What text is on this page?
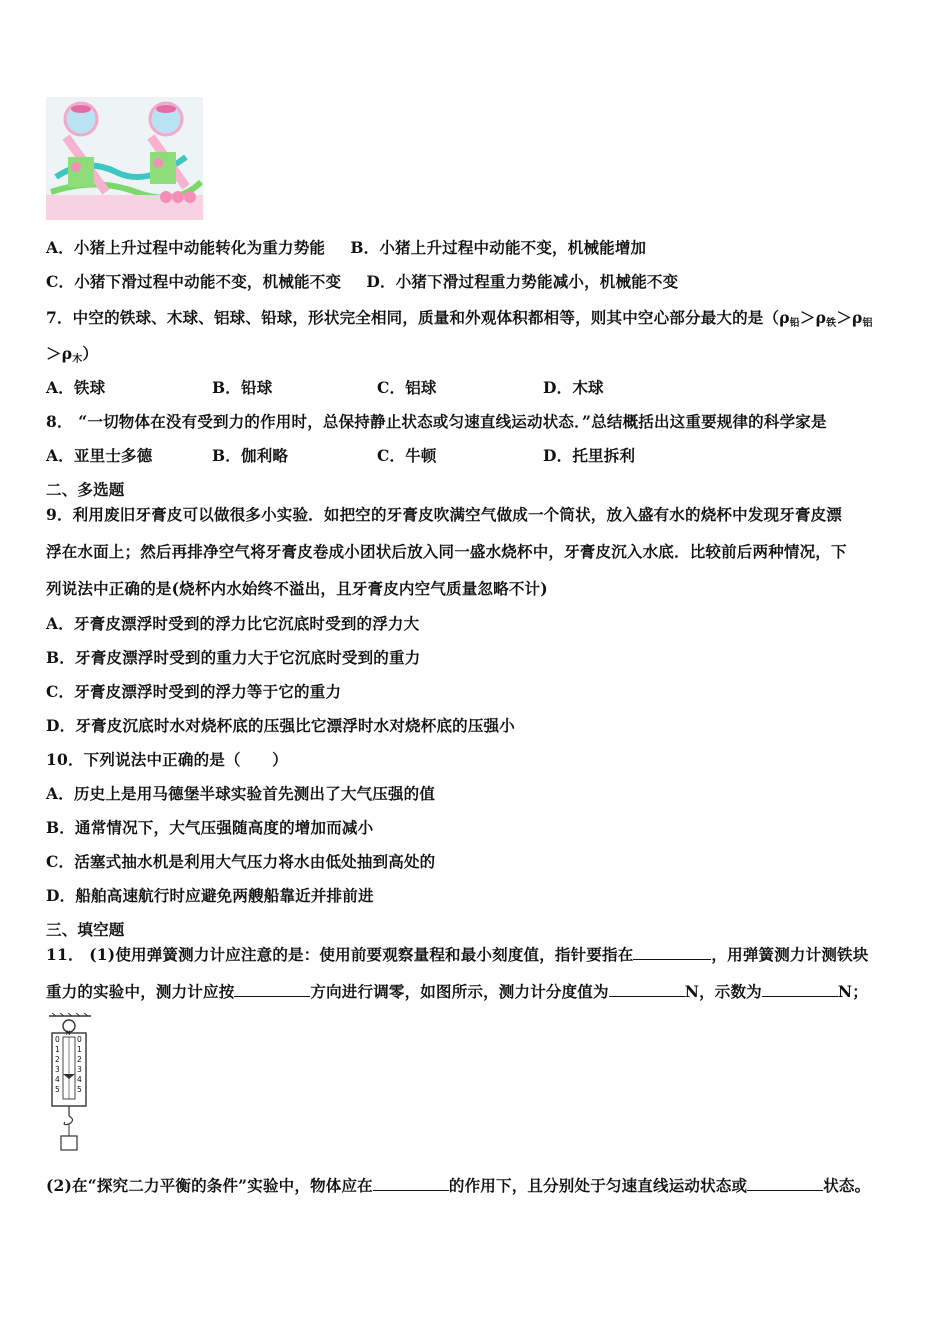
A．小猪上升过程中动能转化为重力势能 B．小猪上升过程中动能不变，机械能增加
C．小猪下滑过程中动能不变，机械能不变 D．小猪下滑过程重力势能减小，机械能不变
7．中空的铁球、木球、铝球、铅球，形状完全相同，质量和外观体积都相等，则其中空心部分最大的是（$\rho_铅>\rho_铁>\rho_铝$
$>\rho_木$）
A．铁球	B．铅球	C．铝球	D．木球
8． “一切物体在没有受到力的作用时，总保持静止状态或匀速直线运动状态．”总结概括出这重要规律的科学家是
A．亚里士多德	B．伽利略	C．牛顿	D．托里拆利
二、多选题
9．利用废旧牙膏皮可以做很多小实验．如把空的牙膏皮吹满空气做成一个筒状，放入盛有水的烧杯中发现牙膏皮漂
浮在水面上；然后再排净空气将牙膏皮卷成小团状后放入同一盛水烧杯中，牙膏皮沉入水底．比较前后两种情况，下
列说法中正确的是(烧杯内水始终不溢出，且牙膏皮内空气质量忽略不计)
A．牙膏皮漂浮时受到的浮力比它沉底时受到的浮力大
B．牙膏皮漂浮时受到的重力大于它沉底时受到的重力
C．牙膏皮漂浮时受到的浮力等于它的重力
D．牙膏皮沉底时水对烧杯底的压强比它漂浮时水对烧杯底的压强小
10．下列说法中正确的是（　　）
A．历史上是用马德堡半球实验首先测出了大气压强的值
B．通常情况下，大气压强随高度的增加而减小
C．活塞式抽水机是利用大气压力将水由低处抽到高处的
D．船舶高速航行时应避免两艘船靠近并排前进
三、填空题
11． (1)使用弹簧测力计应注意的是：使用前要观察量程和最小刻度值，指针要指在	，用弹簧测力计测铁块
重力的实验中，测力计应按	方向进行调零，如图所示，测力计分度值为	N，示数为	N；
0
1
2
3
4
5
0
1
2
3
4
5
N
(2)在“探究二力平衡的条件”实验中，物体应在	的作用下，且分别处于匀速直线运动状态或	状态。
